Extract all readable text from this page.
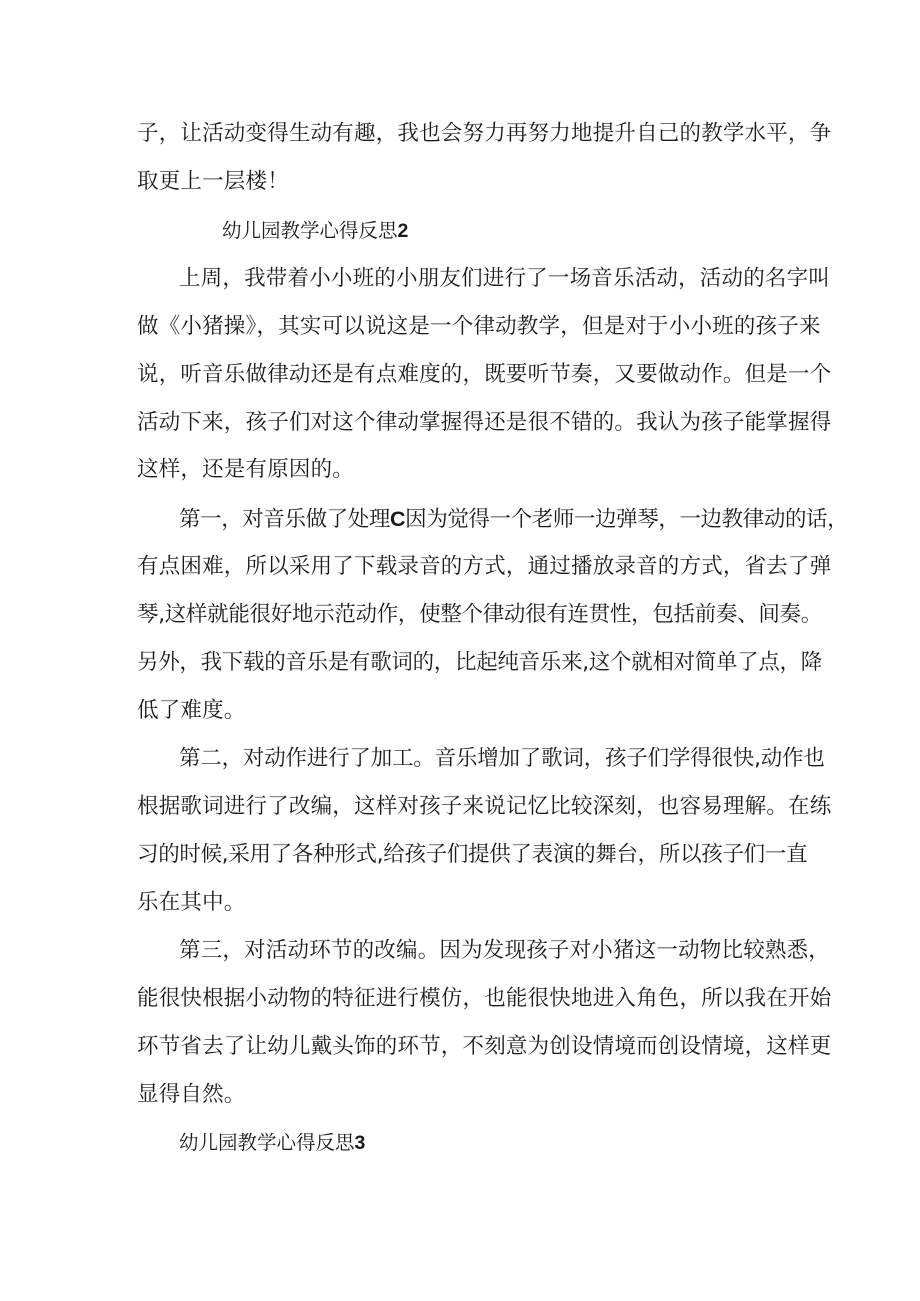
子，让活动变得生动有趣，我也会努力再努力地提升自己的教学水平，争
取更上一层楼！
幼儿园教学心得反思2
上周，我带着小小班的小朋友们进行了一场音乐活动，活动的名字叫
做《小猪操》，其实可以说这是一个律动教学，但是对于小小班的孩子来
说，听音乐做律动还是有点难度的，既要听节奏，又要做动作。但是一个
活动下来，孩子们对这个律动掌握得还是很不错的。我认为孩子能掌握得
这样，还是有原因的。
第一，对音乐做了处理C因为觉得一个老师一边弹琴，一边教律动的话，
有点困难，所以采用了下载录音的方式，通过播放录音的方式，省去了弹
琴,这样就能很好地示范动作，使整个律动很有连贯性，包括前奏、间奏。
另外，我下载的音乐是有歌词的，比起纯音乐来,这个就相对简单了点，降
低了难度。
第二，对动作进行了加工。音乐增加了歌词，孩子们学得很快,动作也
根据歌词进行了改编，这样对孩子来说记忆比较深刻，也容易理解。在练
习的时候,采用了各种形式,给孩子们提供了表演的舞台，所以孩子们一直
乐在其中。
第三，对活动环节的改编。因为发现孩子对小猪这一动物比较熟悉，
能很快根据小动物的特征进行模仿，也能很快地进入角色，所以我在开始
环节省去了让幼儿戴头饰的环节，不刻意为创设情境而创设情境，这样更
显得自然。
幼儿园教学心得反思3
